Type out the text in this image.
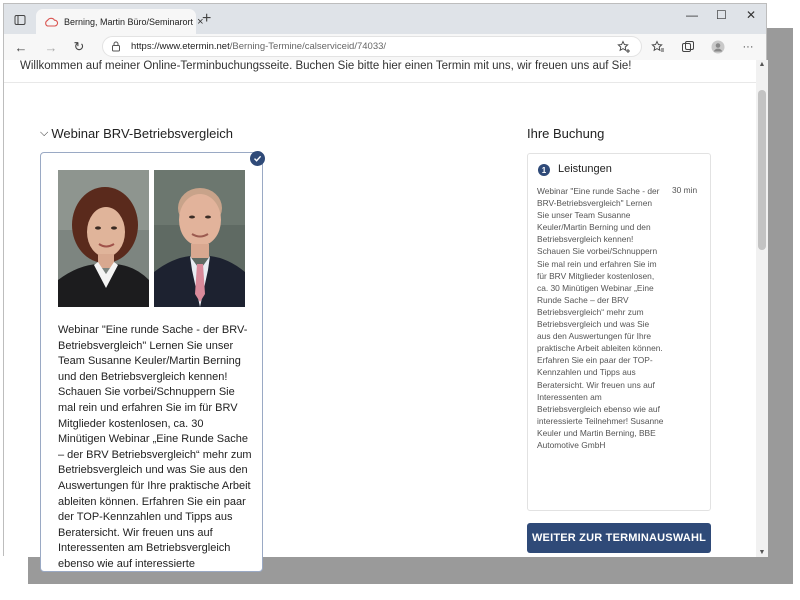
Berning, Martin Büro/Seminarort ×
+	— ☐ ✕
← → ↻	https://www.etermin.net/Berning-Termine/calserviceid/74033/	···
Willkommen auf meiner Online-Terminbuchungsseite. Buchen Sie bitte hier einen Termin mit uns, wir freuen uns auf Sie!
⌵ Webinar BRV-Betriebsvergleich
Webinar "Eine runde Sache - der BRV-Betriebsvergleich" Lernen Sie unser Team Susanne Keuler/Martin Berning und den Betriebsvergleich kennen! Schauen Sie vorbei/Schnuppern Sie mal rein und erfahren Sie im für BRV Mitglieder kostenlosen, ca. 30 Minütigen Webinar „Eine Runde Sache – der BRV Betriebsvergleich“ mehr zum Betriebsvergleich und was Sie aus den Auswertungen für Ihre praktische Arbeit ableiten können. Erfahren Sie ein paar der TOP-Kennzahlen und Tipps aus Beratersicht. Wir freuen uns auf Interessenten am Betriebsvergleich ebenso wie auf interessierte
Ihre Buchung
1	Leistungen
Webinar "Eine runde Sache - der BRV-Betriebsvergleich" Lernen Sie unser Team Susanne Keuler/Martin Berning und den Betriebsvergleich kennen! Schauen Sie vorbei/Schnuppern Sie mal rein und erfahren Sie im für BRV Mitglieder kostenlosen, ca. 30 Minütigen Webinar „Eine Runde Sache – der BRV Betriebsvergleich“ mehr zum Betriebsvergleich und was Sie aus den Auswertungen für Ihre praktische Arbeit ableiten können. Erfahren Sie ein paar der TOP-Kennzahlen und Tipps aus Beratersicht. Wir freuen uns auf Interessenten am Betriebsvergleich ebenso wie auf interessierte Teilnehmer! Susanne Keuler und Martin Berning, BBE Automotive GmbH
30 min
WEITER ZUR TERMINAUSWAHL
▲
▼
